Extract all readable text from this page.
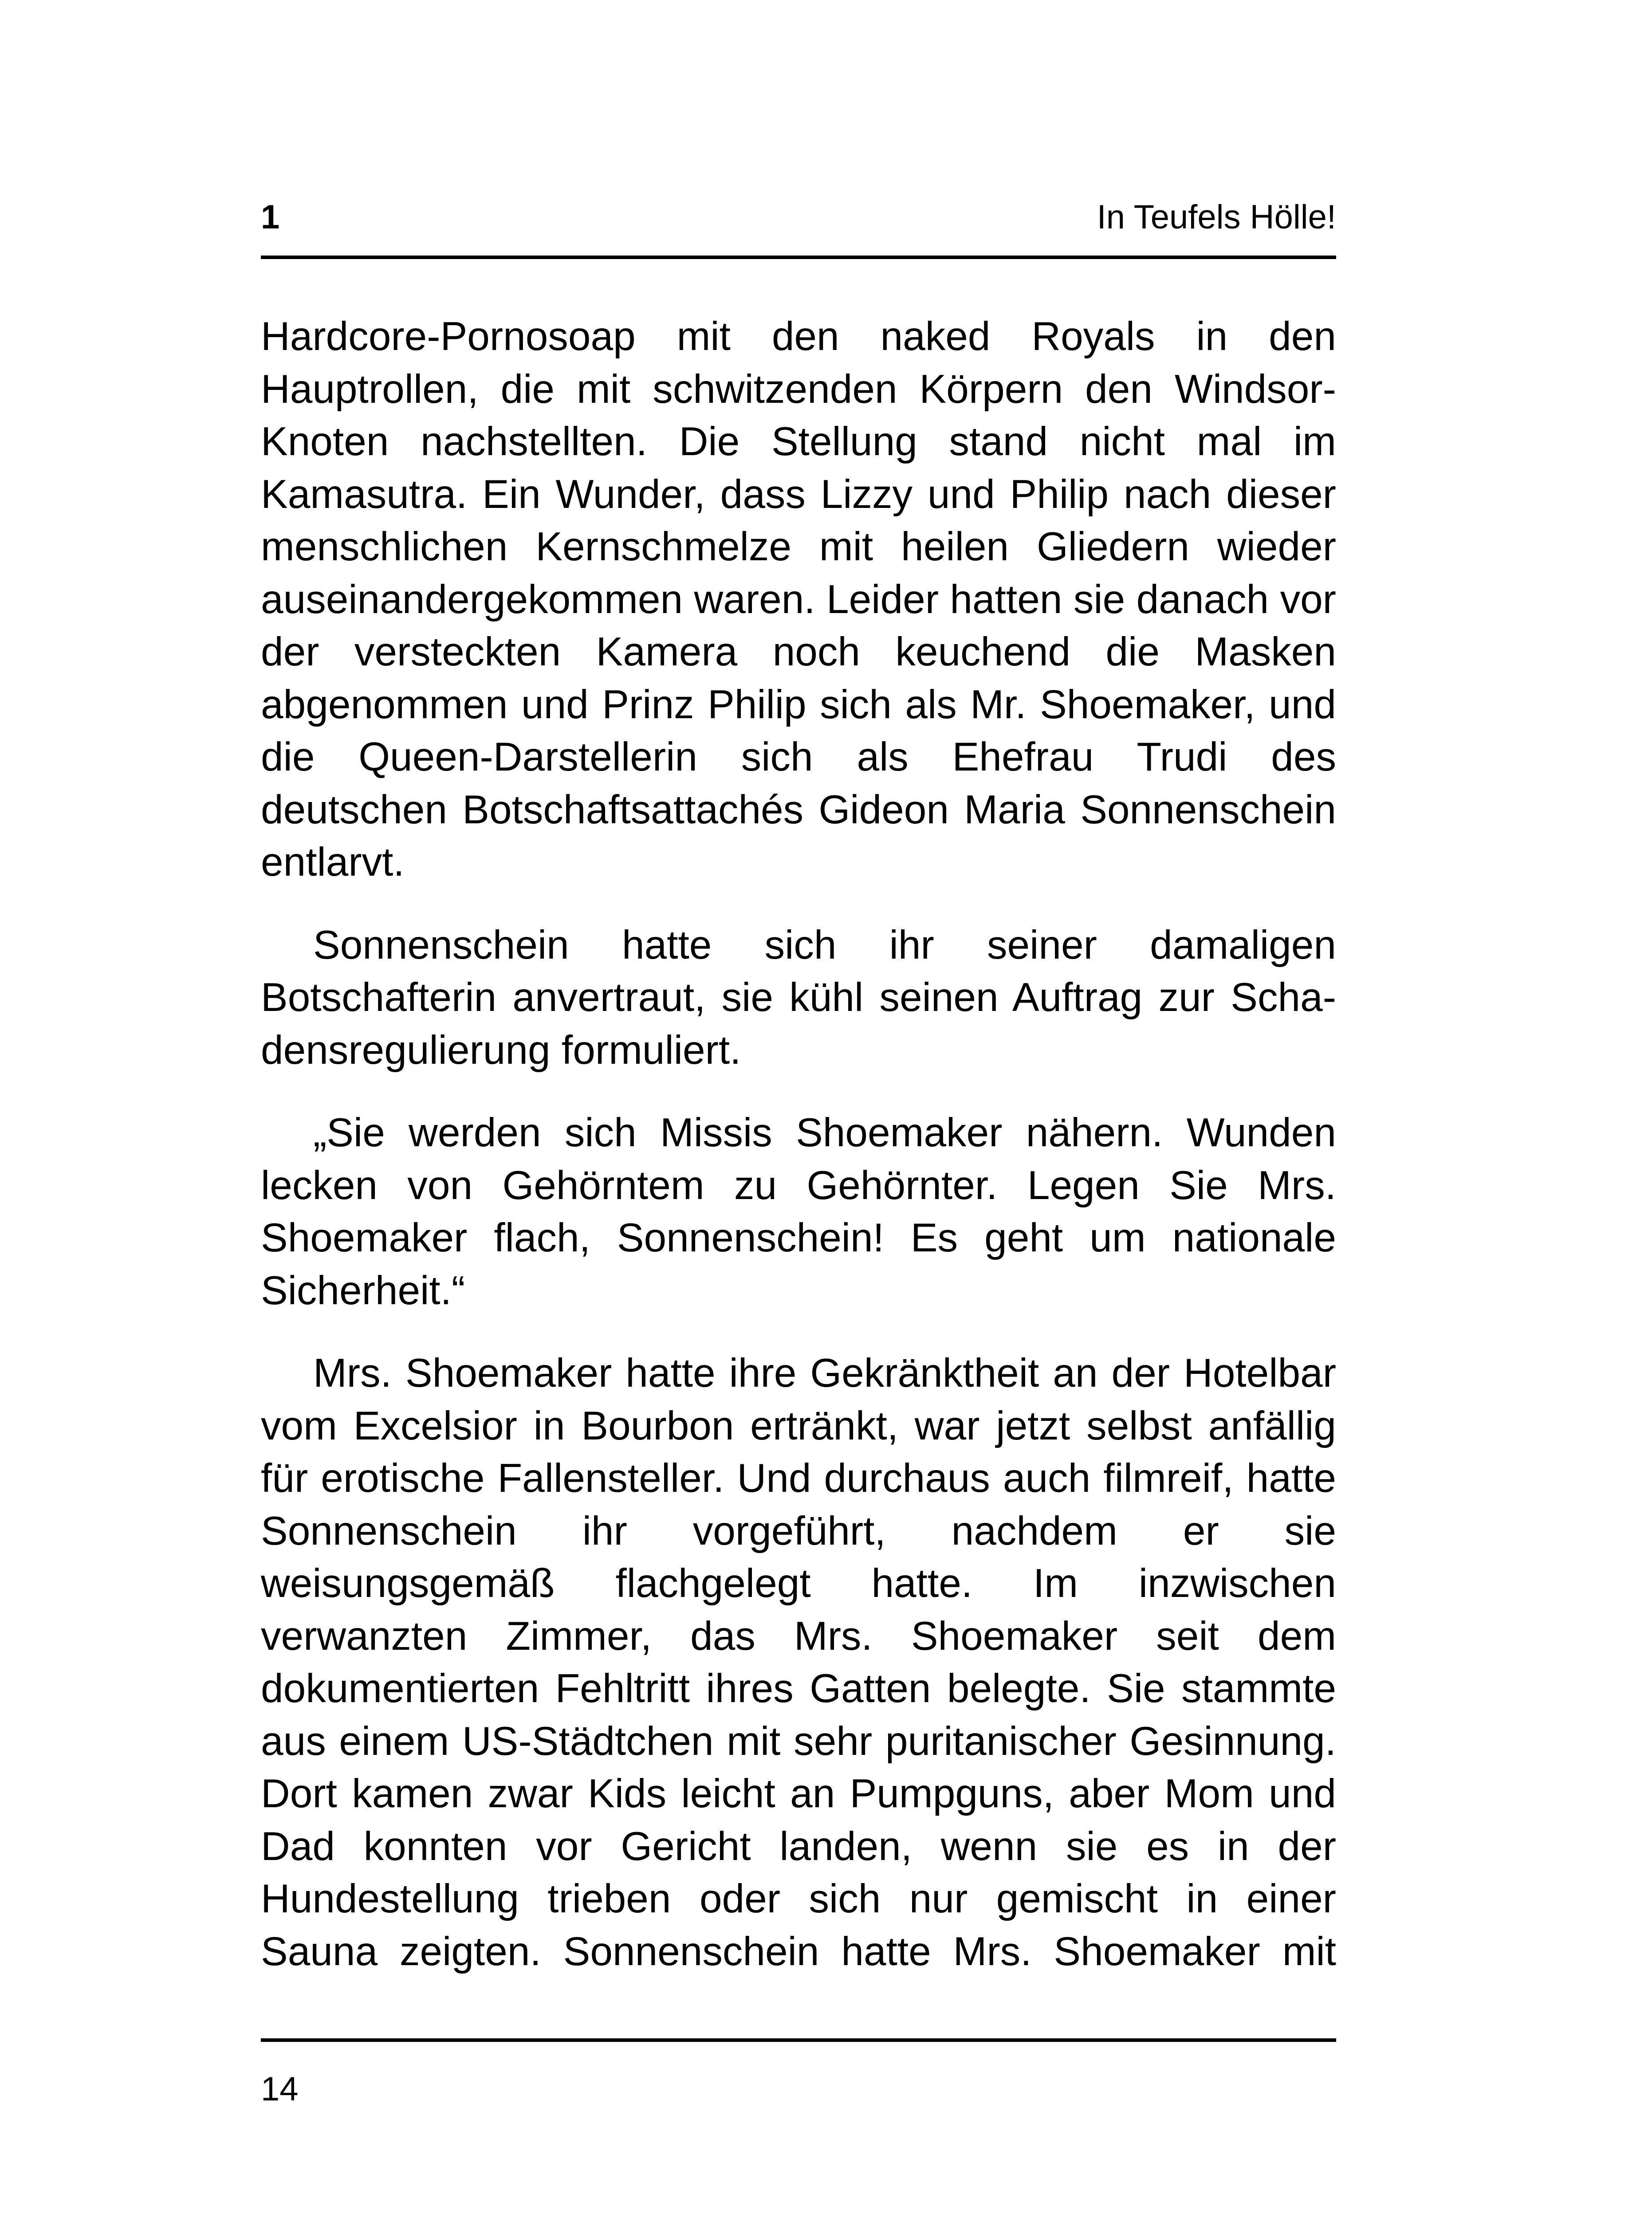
1	In Teufels Hölle!

Hardcore-Pornosoap mit den naked Royals in den Hauptrollen, die mit schwitzenden Körpern den Windsor-Knoten nachstellten. Die Stellung stand nicht mal im Kamasutra. Ein Wunder, dass Lizzy und Philip nach dieser menschlichen Kernschmelze mit heilen Gliedern wieder auseinandergekommen waren. Leider hatten sie danach vor der versteckten Kamera noch keuchend die Masken abgenommen und Prinz Philip sich als Mr. Shoemaker, und die Queen-Darstellerin sich als Ehefrau Trudi des deutschen Botschaftsattachés Gideon Maria Sonnenschein entlarvt.

Sonnenschein hatte sich ihr seiner damaligen Botschafterin anvertraut, sie kühl seinen Auftrag zur Schadensregulierung formuliert.

„Sie werden sich Missis Shoemaker nähern. Wunden lecken von Gehörntem zu Gehörnter. Legen Sie Mrs. Shoemaker flach, Sonnenschein! Es geht um nationale Sicherheit.“

Mrs. Shoemaker hatte ihre Gekränktheit an der Hotelbar vom Excelsior in Bourbon ertränkt, war jetzt selbst anfällig für erotische Fallensteller. Und durchaus auch filmreif, hatte Sonnenschein ihr vorgeführt, nachdem er sie weisungsgemäß flachgelegt hatte. Im inzwischen verwanzten Zimmer, das Mrs. Shoemaker seit dem dokumentierten Fehltritt ihres Gatten belegte. Sie stammte aus einem US-Städtchen mit sehr puritanischer Gesinnung. Dort kamen zwar Kids leicht an Pumpguns, aber Mom und Dad konnten vor Gericht landen, wenn sie es in der Hundestellung trieben oder sich nur gemischt in einer Sauna zeigten. Sonnenschein hatte Mrs. Shoemaker mit

14
